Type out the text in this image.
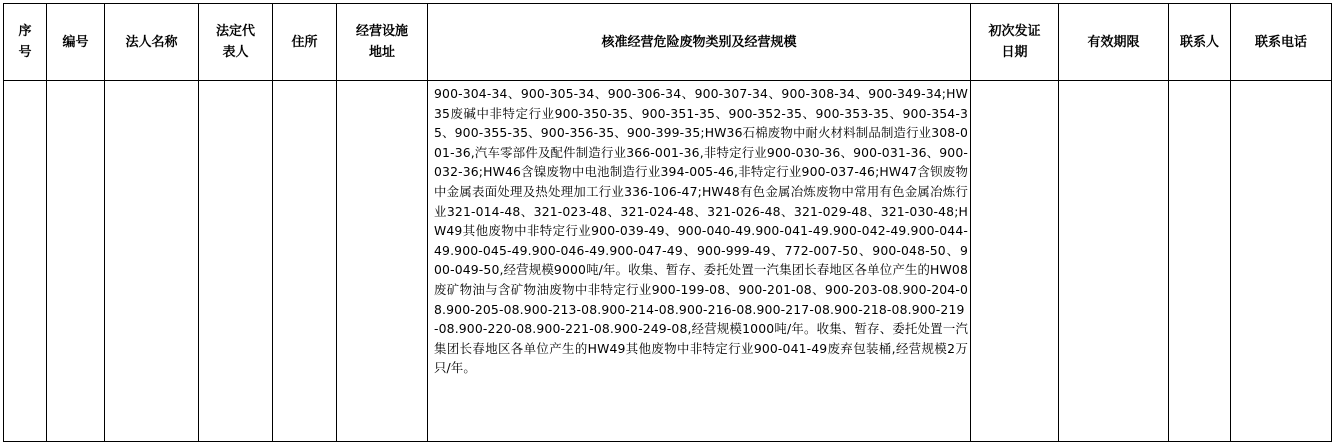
序号	编号	法人名称	法定代表人	住所	经营设施地址	核准经营危险废物类别及经营规模	初次发证日期	有效期限	联系人	联系电话

						900-304-34、900-305-34、900-306-34、900-307-34、900-308-34、900-349-34;HW35废碱中非特定行业900-350-35、900-351-35、900-352-35、900-353-35、900-354-35、900-355-35、900-356-35、900-399-35;HW36石棉废物中耐火材料制品制造行业308-001-36,汽车零部件及配件制造行业366-001-36,非特定行业900-030-36、900-031-36、900-032-36;HW46含镍废物中电池制造行业394-005-46,非特定行业900-037-46;HW47含钡废物中金属表面处理及热处理加工行业336-106-47;HW48有色金属冶炼废物中常用有色金属冶炼行业321-014-48、321-023-48、321-024-48、321-026-48、321-029-48、321-030-48;HW49其他废物中非特定行业900-039-49、900-040-49.900-041-49.900-042-49.900-044-49.900-045-49.900-046-49.900-047-49、900-999-49、772-007-50、900-048-50、900-049-50,经营规模9000吨/年。收集、暂存、委托处置一汽集团长春地区各单位产生的HW08废矿物油与含矿物油废物中非特定行业900-199-08、900-201-08、900-203-08.900-204-08.900-205-08.900-213-08.900-214-08.900-216-08.900-217-08.900-218-08.900-219-08.900-220-08.900-221-08.900-249-08,经营规模1000吨/年。收集、暂存、委托处置一汽集团长春地区各单位产生的HW49其他废物中非特定行业900-041-49废弃包装桶,经营规模2万只/年。				
